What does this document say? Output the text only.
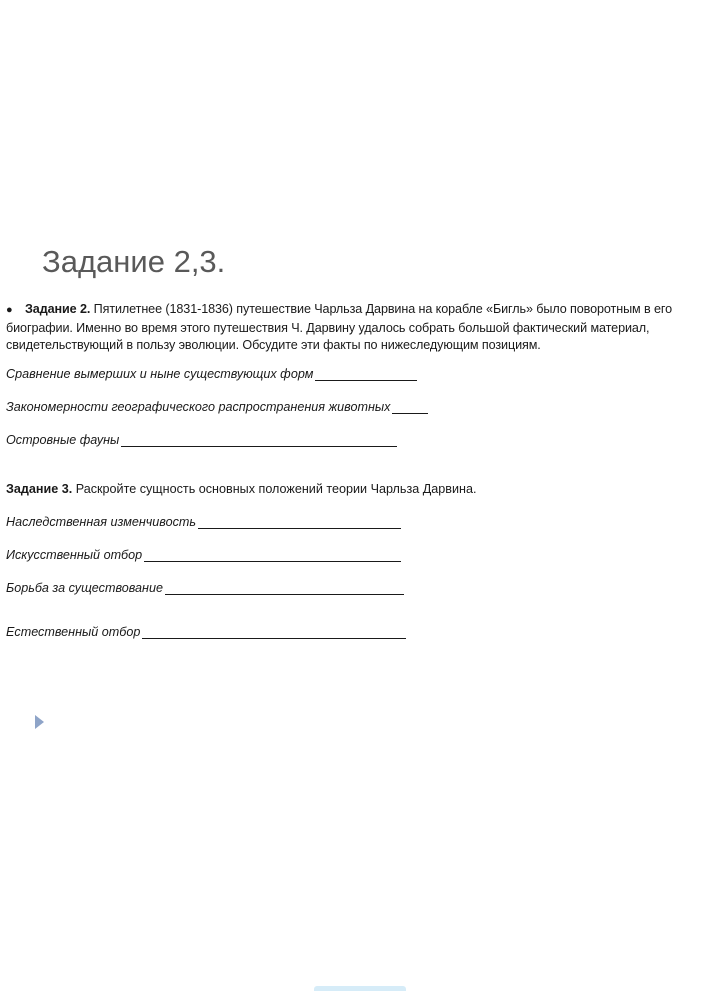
Задание 2,3.
● Задание 2. Пятилетнее (1831-1836) путешествие Чарльза Дарвина на корабле «Бигль» было поворотным в его биографии. Именно во время этого путешествия Ч. Дарвину удалось собрать большой фактический материал, свидетельствующий в пользу эволюции. Обсудите эти факты по нижеследующим позициям.
Сравнение вымерших и ныне существующих форм
Закономерности географического распространения животных
Островные фауны
Задание 3. Раскройте сущность основных положений теории Чарльза Дарвина.
Наследственная изменчивость
Искусственный отбор
Борьба за существование
Естественный отбор
